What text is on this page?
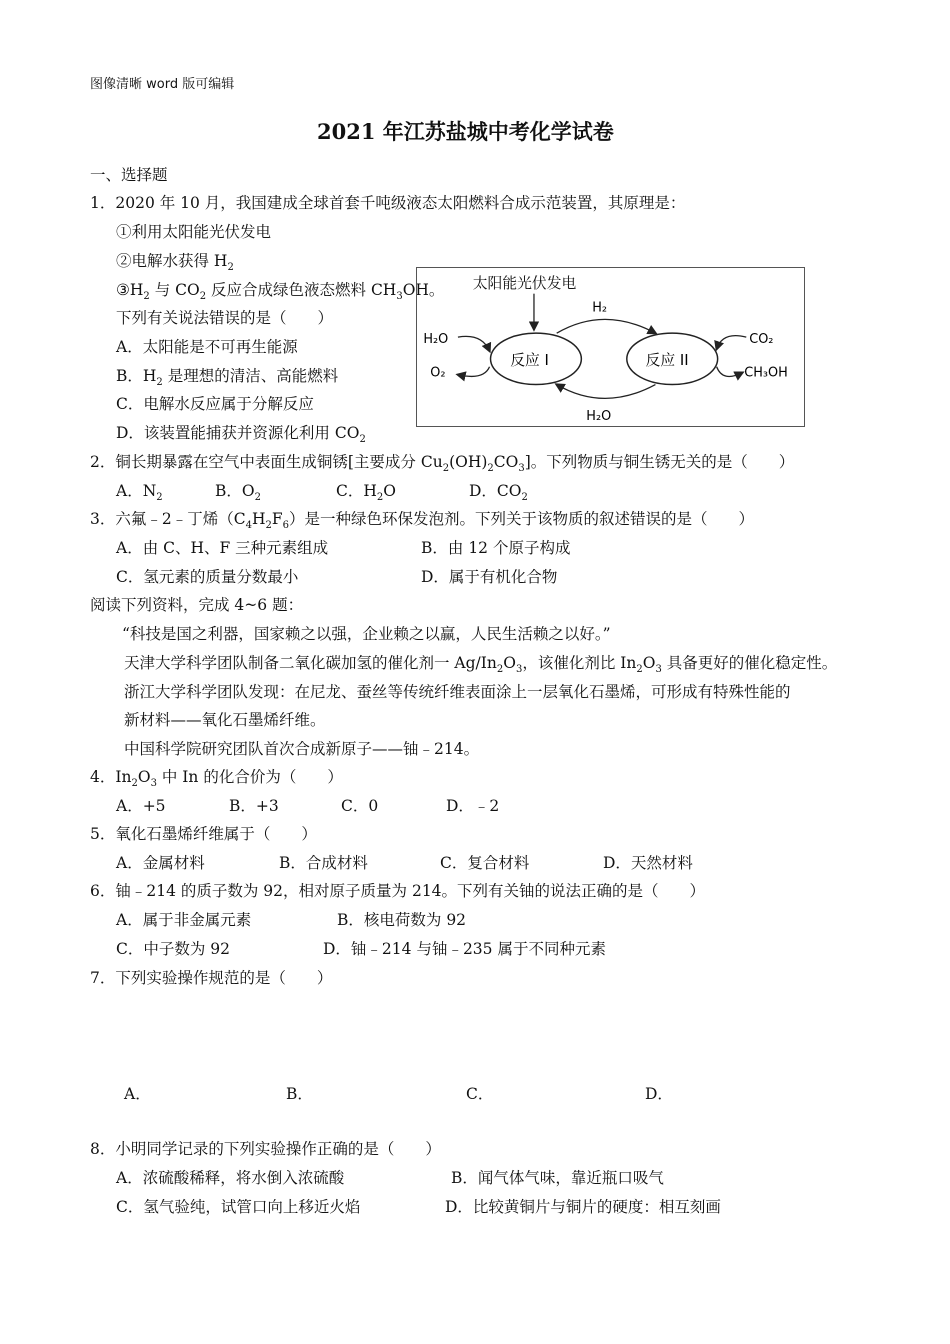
图像清晰 word 版可编辑
2021 年江苏盐城中考化学试卷
一、选择题
1．2020 年 10 月，我国建成全球首套千吨级液态太阳燃料合成示范装置，其原理是：
①利用太阳能光伏发电
②电解水获得 $H_2$
$③H_2$ 与 $CO_2$ 反应合成绿色液态燃料 $CH_3OH$。
下列有关说法错误的是（　　）
A．太阳能是不可再生能源
B．$H_2$ 是理想的清洁、高能燃料
C．电解水反应属于分解反应
D．该装置能捕获并资源化利用 $CO_2$
太阳能光伏发电
反应 I	反应 II
H₂
H₂O
H₂O
O₂
CO₂
CH₃OH
2．铜长期暴露在空气中表面生成铜锈[主要成分 $Cu_2(OH)_2CO_3$]。下列物质与铜生锈无关的是（　　）
A．$N_2$	B．$O_2$	C．$H_2O$	D．$CO_2$
3．六氟﹣2﹣丁烯$(C_4H_2F_6)$是一种绿色环保发泡剂。下列关于该物质的叙述错误的是（　　）
A．由 C、H、F 三种元素组成	B．由 12 个原子构成
C．氢元素的质量分数最小	D．属于有机化合物
阅读下列资料，完成 4~6 题：
“科技是国之利器，国家赖之以强，企业赖之以赢，人民生活赖之以好。”
天津大学科学团队制备二氧化碳加氢的催化剂一 $Ag/In_2O_3$，该催化剂比 $In_2O_3$ 具备更好的催化稳定性。
浙江大学科学团队发现：在尼龙、蚕丝等传统纤维表面涂上一层氧化石墨烯，可形成有特殊性能的
新材料——氧化石墨烯纤维。
中国科学院研究团队首次合成新原子——铀﹣214。
4．$In_2O_3$ 中 In 的化合价为（　　）
A．+5	B．+3	C．0	D．﹣2
5．氧化石墨烯纤维属于（　　）
A．金属材料	B．合成材料	C．复合材料	D．天然材料
6．铀﹣214 的质子数为 92，相对原子质量为 214。下列有关铀的说法正确的是（　　）
A．属于非金属元素	B．核电荷数为 92
C．中子数为 92	D．铀﹣214 与铀﹣235 属于不同种元素
7．下列实验操作规范的是（　　）
A．	B．	C．	D．
8．小明同学记录的下列实验操作正确的是（　　）
A．浓硫酸稀释，将水倒入浓硫酸	B．闻气体气味，靠近瓶口吸气
C．氢气验纯，试管口向上移近火焰	D．比较黄铜片与铜片的硬度：相互刻画
